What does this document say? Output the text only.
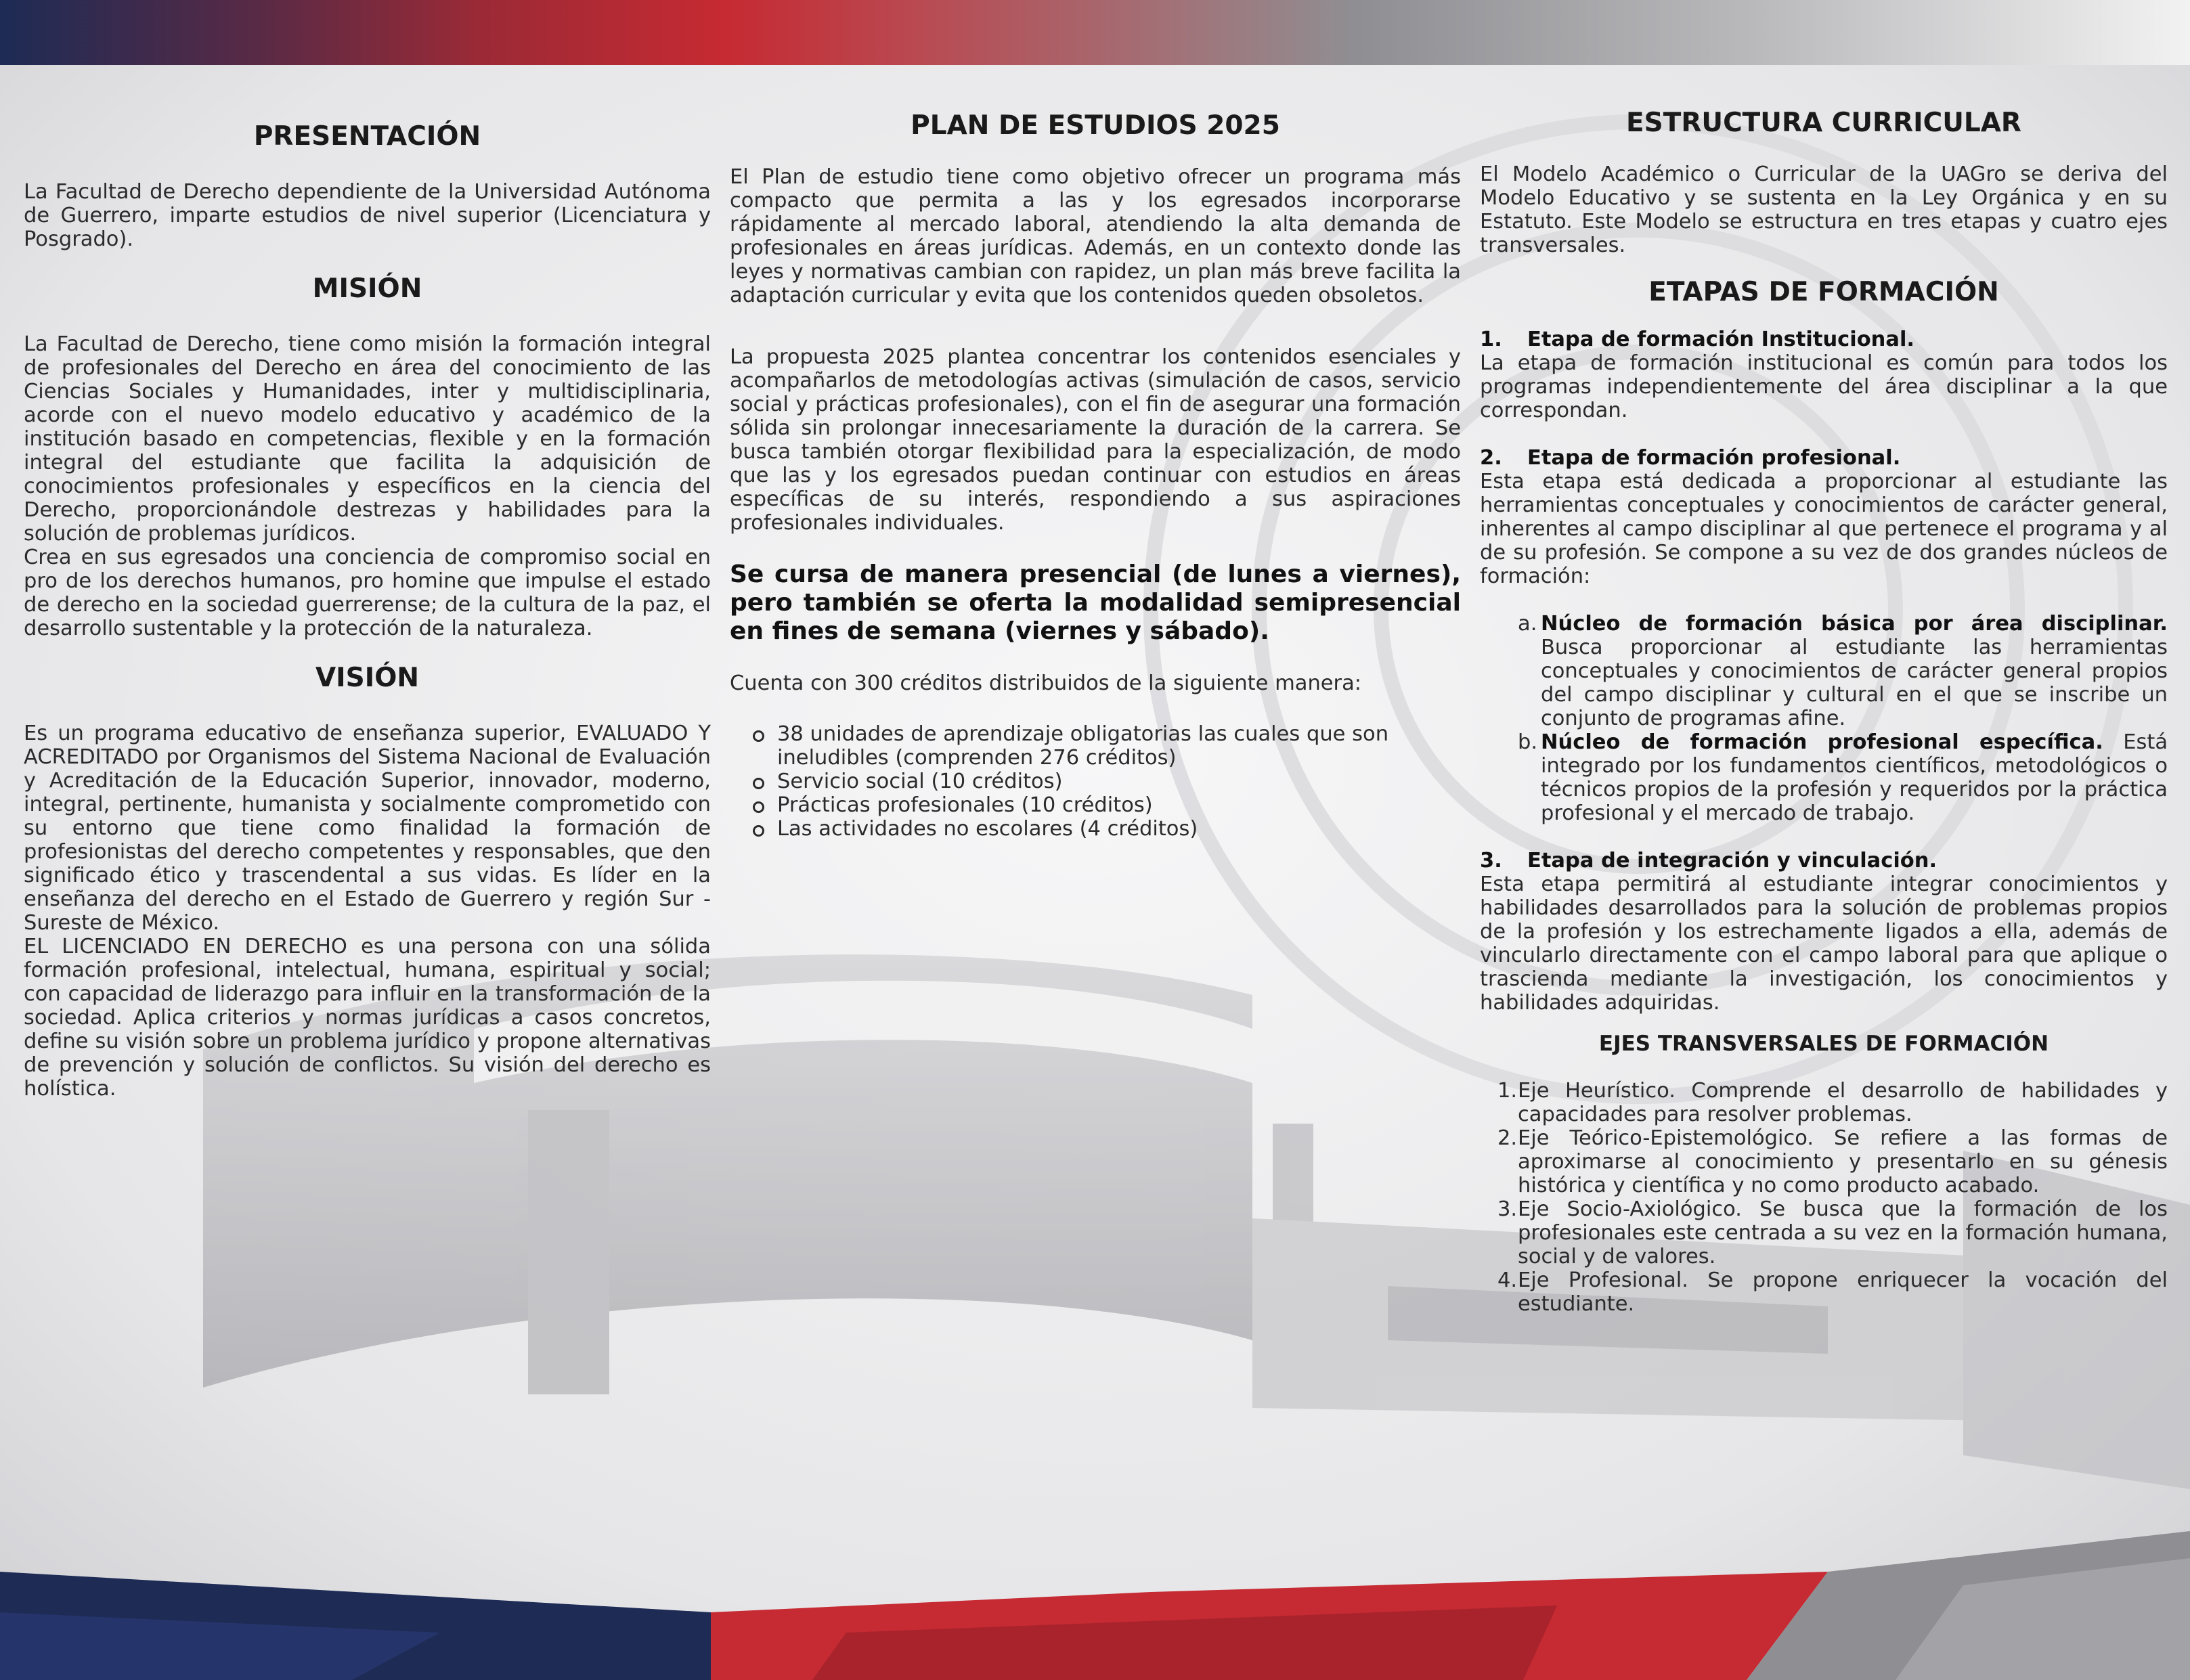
PRESENTACIÓN

La Facultad de Derecho dependiente de la Universidad Autónoma de Guerrero, imparte estudios de nivel superior (Licenciatura y Posgrado).

MISIÓN

La Facultad de Derecho, tiene como misión la formación integral de profesionales del Derecho en área del conocimiento de las Ciencias Sociales y Humanidades, inter y multidisciplinaria, acorde con el nuevo modelo educativo y académico de la institución basado en competencias, flexible y en la formación integral del estudiante que facilita la adquisición de conocimientos profesionales y específicos en la ciencia del Derecho, proporcionándole destrezas y habilidades para la solución de problemas jurídicos.

Crea en sus egresados una conciencia de compromiso social en pro de los derechos humanos, pro homine que impulse el estado de derecho en la sociedad guerrerense; de la cultura de la paz, el desarrollo sustentable y la protección de la naturaleza.

VISIÓN

Es un programa educativo de enseñanza superior, EVALUADO Y ACREDITADO por Organismos del Sistema Nacional de Evaluación y Acreditación de la Educación Superior, innovador, moderno, integral, pertinente, humanista y socialmente comprometido con su entorno que tiene como finalidad la formación de profesionistas del derecho competentes y responsables, que den significado ético y trascendental a sus vidas. Es líder en la enseñanza del derecho en el Estado de Guerrero y región Sur - Sureste de México.

EL LICENCIADO EN DERECHO es una persona con una sólida formación profesional, intelectual, humana, espiritual y social; con capacidad de liderazgo para influir en la transformación de la sociedad. Aplica criterios y normas jurídicas a casos concretos, define su visión sobre un problema jurídico y propone alternativas de prevención y solución de conflictos. Su visión del derecho es holística.

PLAN DE ESTUDIOS 2025

El Plan de estudio tiene como objetivo ofrecer un programa más compacto que permita a las y los egresados incorporarse rápidamente al mercado laboral, atendiendo la alta demanda de profesionales en áreas jurídicas. Además, en un contexto donde las leyes y normativas cambian con rapidez, un plan más breve facilita la adaptación curricular y evita que los contenidos queden obsoletos.

La propuesta 2025 plantea concentrar los contenidos esenciales y acompañarlos de metodologías activas (simulación de casos, servicio social y prácticas profesionales), con el fin de asegurar una formación sólida sin prolongar innecesariamente la duración de la carrera. Se busca también otorgar flexibilidad para la especialización, de modo que las y los egresados puedan continuar con estudios en áreas específicas de su interés, respondiendo a sus aspiraciones profesionales individuales.

Se cursa de manera presencial (de lunes a viernes), pero también se oferta la modalidad semipresencial en fines de semana (viernes y sábado).

Cuenta con 300 créditos distribuidos de la siguiente manera:

38 unidades de aprendizaje obligatorias las cuales que son ineludibles (comprenden 276 créditos)
Servicio social (10 créditos)
Prácticas profesionales (10 créditos)
Las actividades no escolares (4 créditos)
ESTRUCTURA CURRICULAR

El Modelo Académico o Curricular de la UAGro se deriva del Modelo Educativo y se sustenta en la Ley Orgánica y en su Estatuto. Este Modelo se estructura en tres etapas y cuatro ejes transversales.

ETAPAS DE FORMACIÓN
1. Etapa de formación Institucional.

La etapa de formación institucional es común para todos los programas independientemente del área disciplinar a la que correspondan.

2. Etapa de formación profesional.

Esta etapa está dedicada a proporcionar al estudiante las herramientas conceptuales y conocimientos de carácter general, inherentes al campo disciplinar al que pertenece el programa y al de su profesión. Se compone a su vez de dos grandes núcleos de formación:

a. Núcleo de formación básica por área disciplinar. Busca proporcionar al estudiante las herramientas conceptuales y conocimientos de carácter general propios del campo disciplinar y cultural en el que se inscribe un conjunto de programas afine.
b. Núcleo de formación profesional específica. Está integrado por los fundamentos científicos, metodológicos o técnicos propios de la profesión y requeridos por la práctica profesional y el mercado de trabajo.
3. Etapa de integración y vinculación.

Esta etapa permitirá al estudiante integrar conocimientos y habilidades desarrollados para la solución de problemas propios de la profesión y los estrechamente ligados a ella, además de vincularlo directamente con el campo laboral para que aplique o trascienda mediante la investigación, los conocimientos y habilidades adquiridas.

EJES TRANSVERSALES DE FORMACIÓN
1. Eje Heurístico. Comprende el desarrollo de habilidades y capacidades para resolver problemas.
2. Eje Teórico-Epistemológico. Se refiere a las formas de aproximarse al conocimiento y presentarlo en su génesis histórica y científica y no como producto acabado.
3. Eje Socio-Axiológico. Se busca que la formación de los profesionales este centrada a su vez en la formación humana, social y de valores.
4. Eje Profesional. Se propone enriquecer la vocación del estudiante.
